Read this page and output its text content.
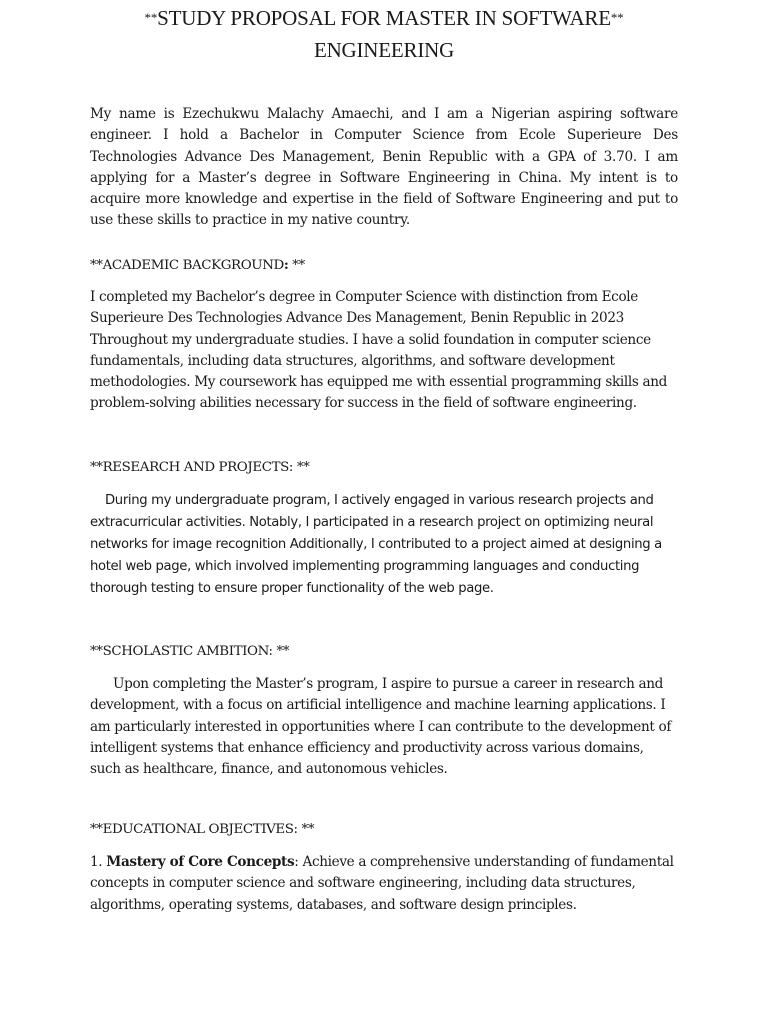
**STUDY PROPOSAL FOR MASTER IN SOFTWARE**
ENGINEERING

My name is Ezechukwu Malachy Amaechi, and I am a Nigerian aspiring software engineer. I hold a Bachelor in Computer Science from Ecole Superieure Des Technologies Advance Des Management, Benin Republic with a GPA of 3.70. I am applying for a Master’s degree in Software Engineering in China. My intent is to acquire more knowledge and expertise in the field of Software Engineering and put to use these skills to practice in my native country.

**ACADEMIC BACKGROUND: **

I completed my Bachelor’s degree in Computer Science with distinction from Ecole Superieure Des Technologies Advance Des Management, Benin Republic in 2023 Throughout my undergraduate studies. I have a solid foundation in computer science fundamentals, including data structures, algorithms, and software development methodologies. My coursework has equipped me with essential programming skills and problem-solving abilities necessary for success in the field of software engineering.

**RESEARCH AND PROJECTS: **

During my undergraduate program, I actively engaged in various research projects and extracurricular activities. Notably, I participated in a research project on optimizing neural networks for image recognition Additionally, I contributed to a project aimed at designing a hotel web page, which involved implementing programming languages and conducting thorough testing to ensure proper functionality of the web page.

**SCHOLASTIC AMBITION: **

Upon completing the Master’s program, I aspire to pursue a career in research and development, with a focus on artificial intelligence and machine learning applications. I am particularly interested in opportunities where I can contribute to the development of intelligent systems that enhance efficiency and productivity across various domains, such as healthcare, finance, and autonomous vehicles.

**EDUCATIONAL OBJECTIVES: **

1. Mastery of Core Concepts: Achieve a comprehensive understanding of fundamental concepts in computer science and software engineering, including data structures, algorithms, operating systems, databases, and software design principles.
